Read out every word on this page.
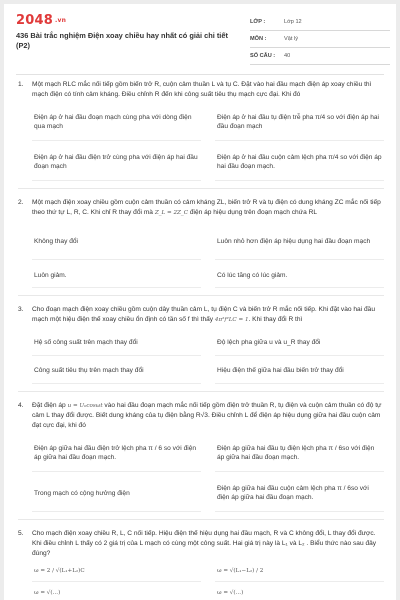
2048 .vn
436 Bài trắc nghiệm Điện xoay chiều hay nhất có giải chi tiết (P2)
LỚP :	Lớp 12
MÔN :	Vật lý
SỐ CÂU :	40
1. Một mạch RLC mắc nối tiếp gồm biến trở R, cuộn cảm thuần L và tụ C. Đặt vào hai đầu mạch điện áp xoay chiều thì mạch điện có tính cảm kháng. Điều chỉnh R đến khi công suất tiêu thụ mạch cực đại. Khi đó
Điện áp ở hai đầu đoạn mạch cùng pha với dòng điện qua mạch
Điện áp ở hai đầu tụ điện trễ pha π/4 so với điện áp hai đầu đoạn mạch
Điện áp ở hai đầu điện trở cùng pha với điện áp hai đầu đoạn mạch
Điện áp ở hai đầu cuộn cảm lệch pha π/4 so với điện áp hai đầu đoạn mạch.
2. Một mạch điện xoay chiều gồm cuộn cảm thuần có cảm kháng ZL, biến trở R và tụ điện có dung kháng ZC mắc nối tiếp theo thứ tự L, R, C. Khi chỉ R thay đổi mà Z_L = 2Z_C điện áp hiệu dụng trên đoạn mạch chứa RL
Không thay đổi	Luôn nhỏ hơn điện áp hiệu dụng hai đầu đoạn mạch
Luôn giảm.	Có lúc tăng có lúc giảm.
3. Cho đoạn mạch điện xoay chiều gồm cuộn dây thuần cảm L, tụ điện C và biến trở R mắc nối tiếp. Khi đặt vào hai đầu mạch một hiệu điện thế xoay chiều ổn định có tần số f thì thấy 4π²f²LC = 1. Khi thay đổi R thì
Hệ số công suất trên mạch thay đổi	Độ lệch pha giữa u và u_R thay đổi
Công suất tiêu thụ trên mạch thay đổi	Hiệu điện thế giữa hai đầu biến trở thay đổi
4. Đặt điện áp u = U₀cosωt vào hai đầu đoạn mạch mắc nối tiếp gồm điện trở thuần R, tụ điện và cuộn cảm thuần có độ tự cảm L thay đổi được. Biết dung kháng của tụ điện bằng R√3. Điều chỉnh L để điện áp hiệu dụng giữa hai đầu cuộn cảm đạt cực đại, khi đó
Điện áp giữa hai đầu điện trở lệch pha π / 6 so với điện áp giữa hai đầu đoạn mạch.
Điện áp giữa hai đầu tụ điện lệch pha π / 6so với điện áp giữa hai đầu đoạn mạch.
Trong mạch có cộng hưởng điện
Điện áp giữa hai đầu cuộn cảm lệch pha π / 6so với điện áp giữa hai đầu đoạn mạch.
5. Cho mạch điện xoay chiều R, L, C nối tiếp. Hiệu điện thế hiệu dụng hai đầu mạch, R và C không đổi, L thay đổi được. Khi điều chỉnh L thấy có 2 giá trị của L mạch có cùng một công suất. Hai giá trị này là L₁ và L₂ . Biểu thức nào sau đây đúng?
ω = 2 / √(L₁+L₂)C	ω = √(L₁−L₂) / 2
ω = √(…)	ω = √(…)
